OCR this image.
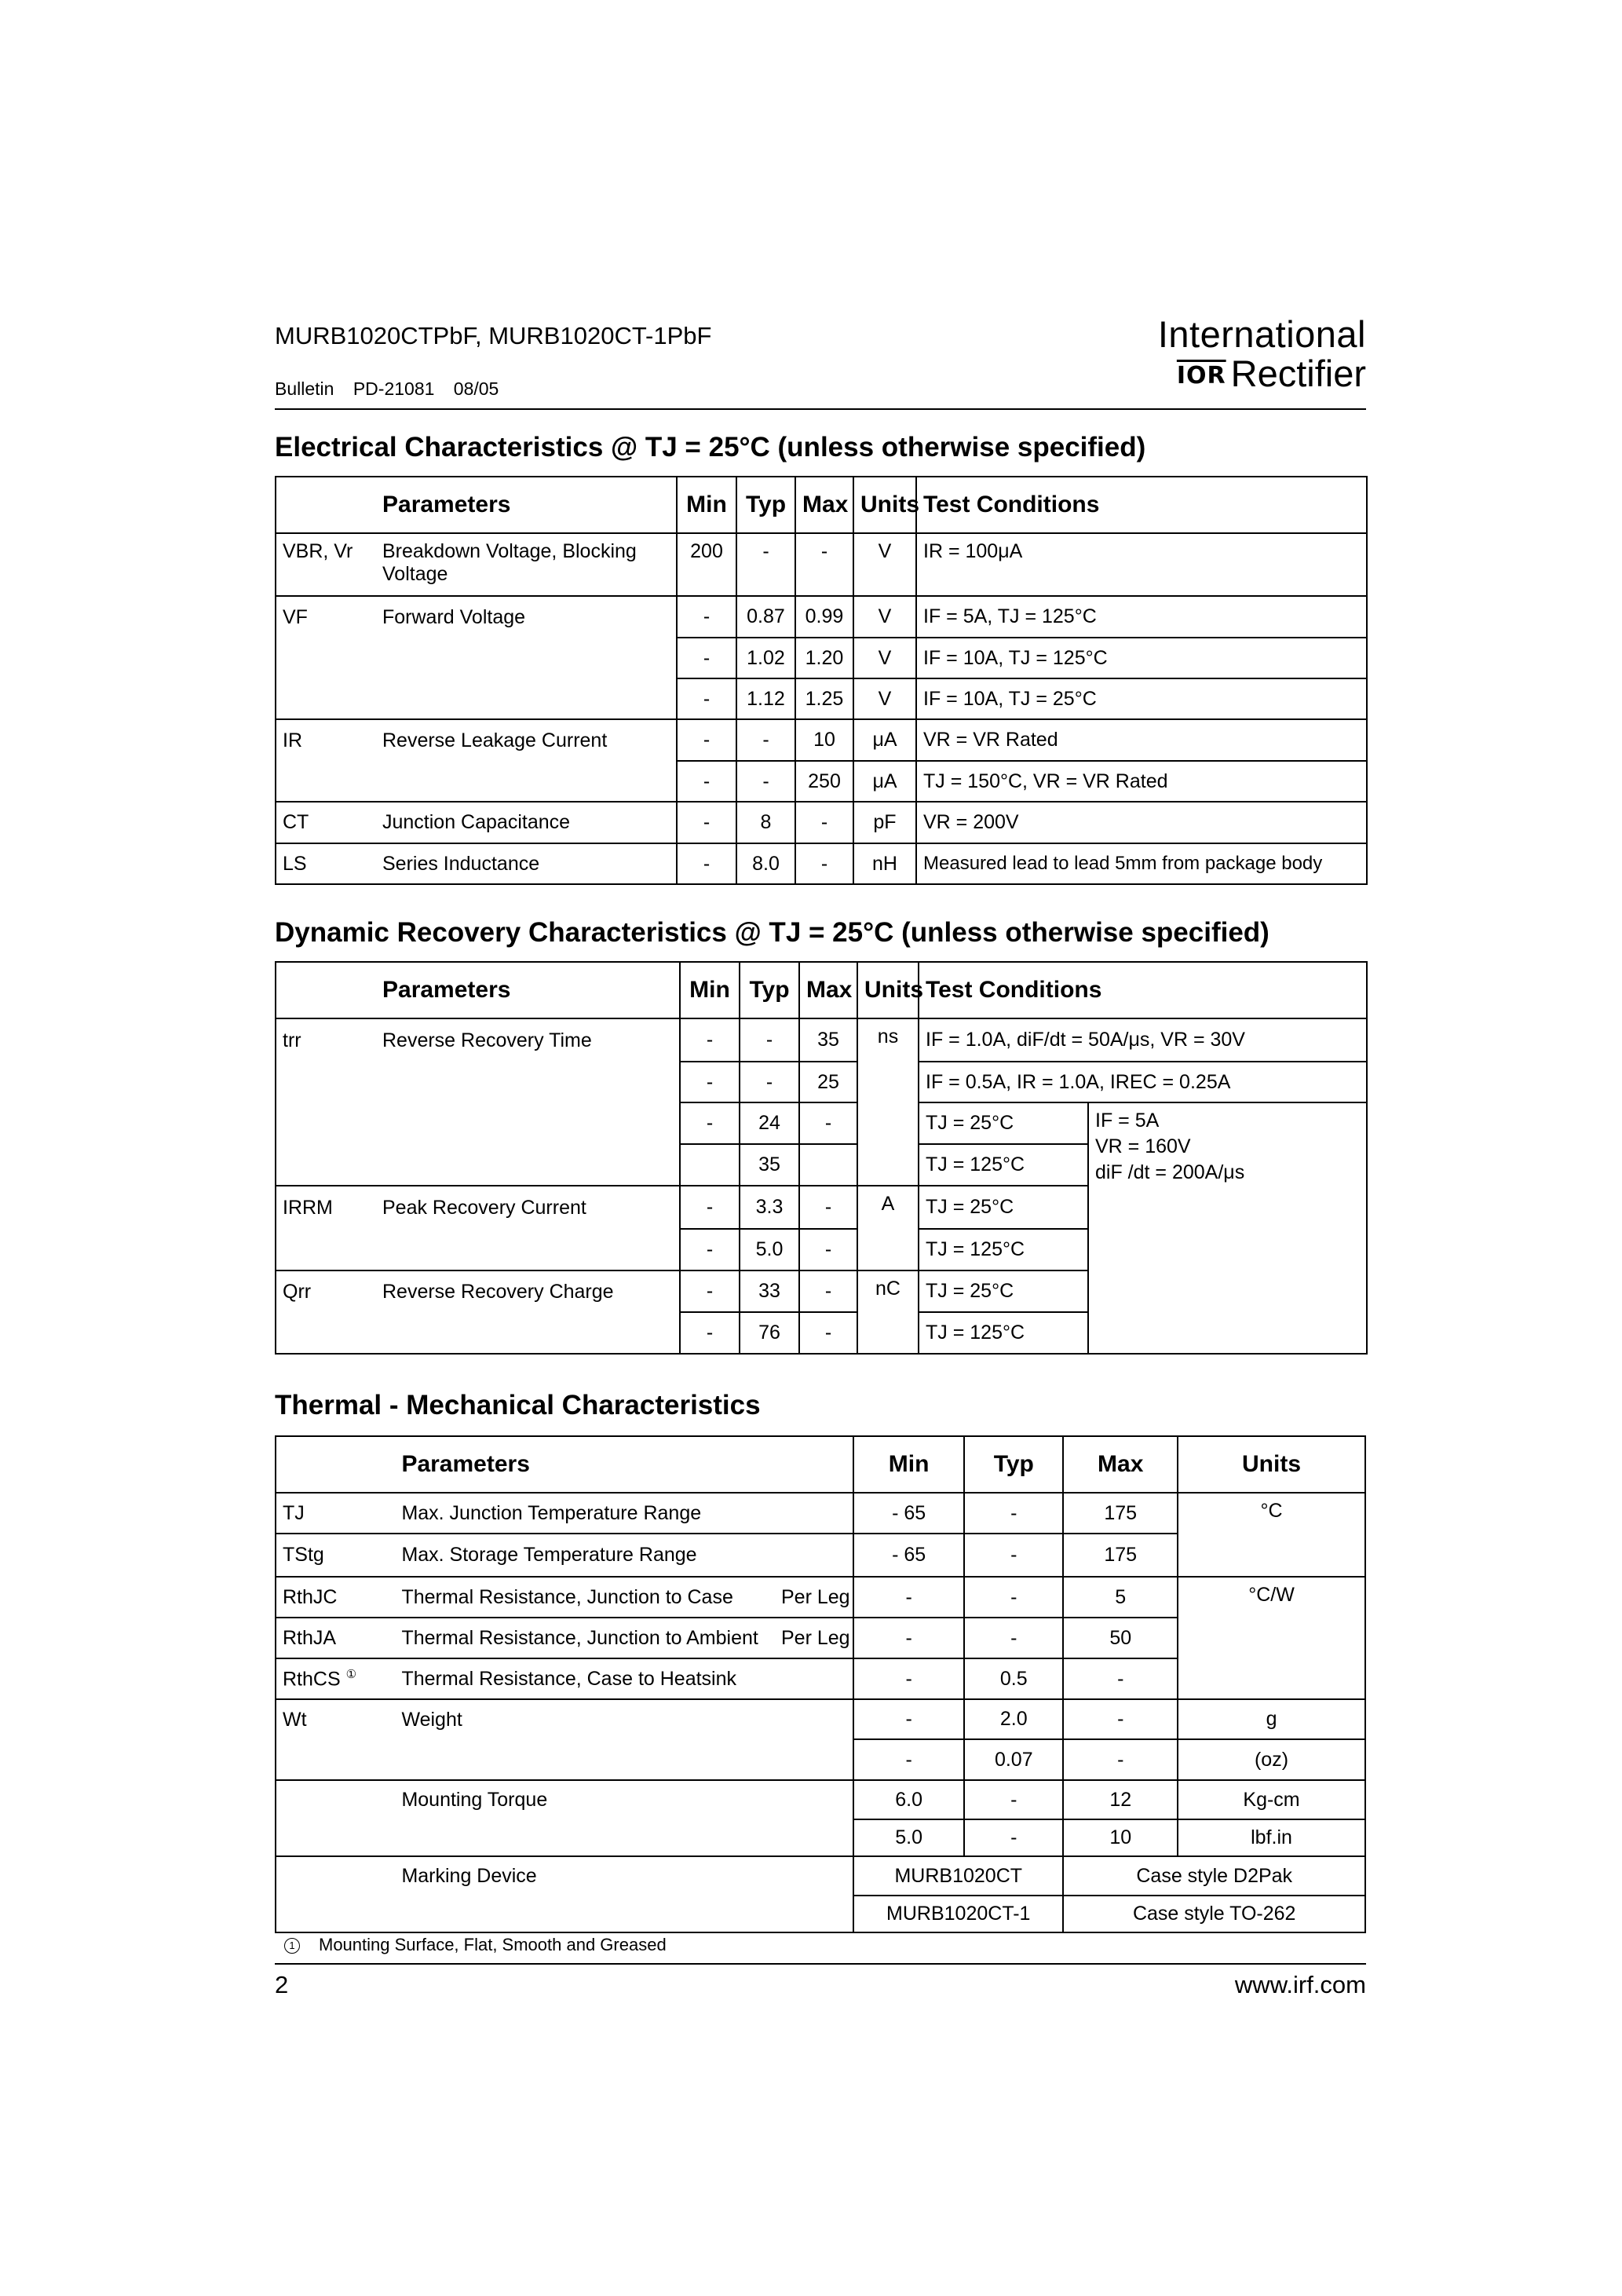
MURB1020CTPbF, MURB1020CT-1PbF
Bulletin PD-21081 08/05
International
$\overline{IOR}$ Rectifier
Electrical Characteristics @ TJ = 25°C (unless otherwise specified)
	Parameters	Min	Typ	Max	Units	Test Conditions
VBR, Vr	Breakdown Voltage, Blocking Voltage	200	-	-	V	IR = 100μA
VF	Forward Voltage	-	0.87	0.99	V	IF = 5A, TJ = 125°C
		-	1.02	1.20	V	IF = 10A, TJ = 125°C
		-	1.12	1.25	V	IF = 10A, TJ = 25°C
IR	Reverse Leakage Current	-	-	10	μA	VR = VR Rated
		-	-	250	μA	TJ = 150°C, VR = VR Rated
CT	Junction Capacitance	-	8	-	pF	VR = 200V
LS	Series Inductance	-	8.0	-	nH	Measured lead to lead 5mm from package body
Dynamic Recovery Characteristics @ TJ = 25°C (unless otherwise specified)
	Parameters	Min	Typ	Max	Units	Test Conditions	
trr	Reverse Recovery Time	-	-	35	ns	IF = 1.0A, diF/dt = 50A/μs, VR = 30V	
		-	-	25		IF = 0.5A, IR = 1.0A, IREC = 0.25A	
		-	24	-		TJ = 25°C	IF = 5A
VR = 160V
diF /dt = 200A/μs

			35			TJ = 125°C	
IRRM	Peak Recovery Current	-	3.3	-	A	TJ = 25°C	
		-	5.0	-		TJ = 125°C	
Qrr	Reverse Recovery Charge	-	33	-	nC	TJ = 25°C	
		-	76	-		TJ = 125°C	
Thermal - Mechanical Characteristics
	Parameters	Min	Typ	Max	Units
TJ	Max. Junction Temperature Range	- 65	-	175	°C
TStg	Max. Storage Temperature Range	- 65	-	175	
RthJC	Thermal Resistance, Junction to Case Per Leg	-	-	5	°C/W
RthJA	Thermal Resistance, Junction to Ambient Per Leg	-	-	50	
RthCS ①	Thermal Resistance, Case to Heatsink	-	0.5	-	
Wt	Weight	-	2.0	-	g
		-	0.07	-	(oz)
	Mounting Torque	6.0	-	12	Kg-cm
		5.0	-	10	lbf.in
	Marking Device	MURB1020CT		Case style D2Pak	
		MURB1020CT-1		Case style TO-262	
1 Mounting Surface, Flat, Smooth and Greased
2	www.irf.com
